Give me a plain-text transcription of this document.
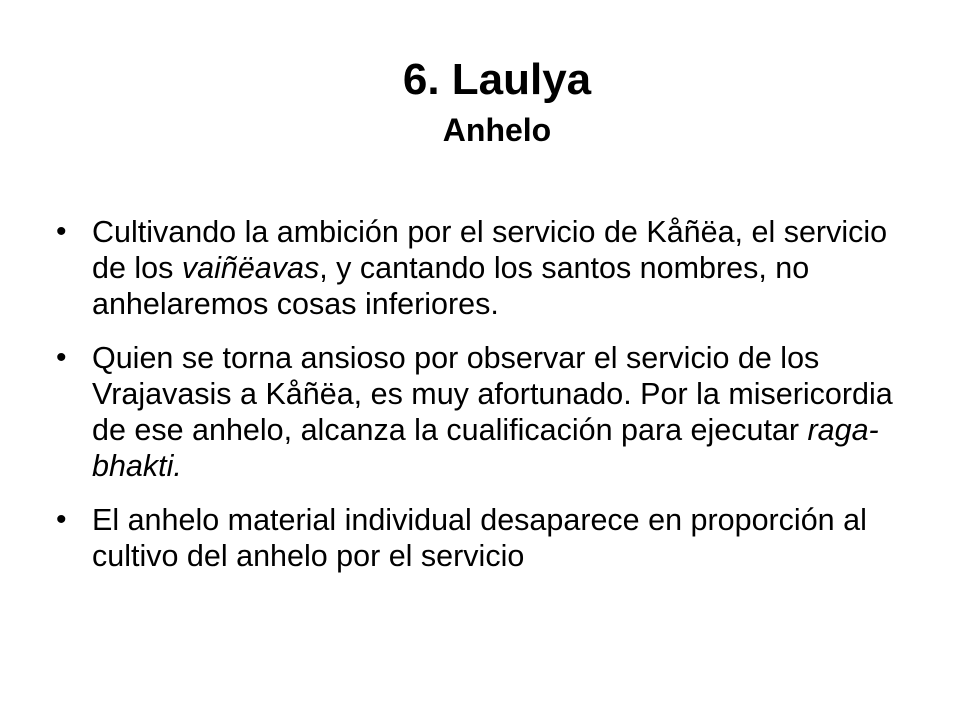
6. Laulya
Anhelo
• Cultivando la ambición por el servicio de Kåñëa, el servicio de los vaiñëavas, y cantando los santos nombres, no anhelaremos cosas inferiores.
• Quien se torna ansioso por observar el servicio de los Vrajavasis a Kåñëa, es muy afortunado. Por la misericordia de ese anhelo, alcanza la cualificación para ejecutar raga-bhakti.
• El anhelo material individual desaparece en proporción al cultivo del anhelo por el servicio
